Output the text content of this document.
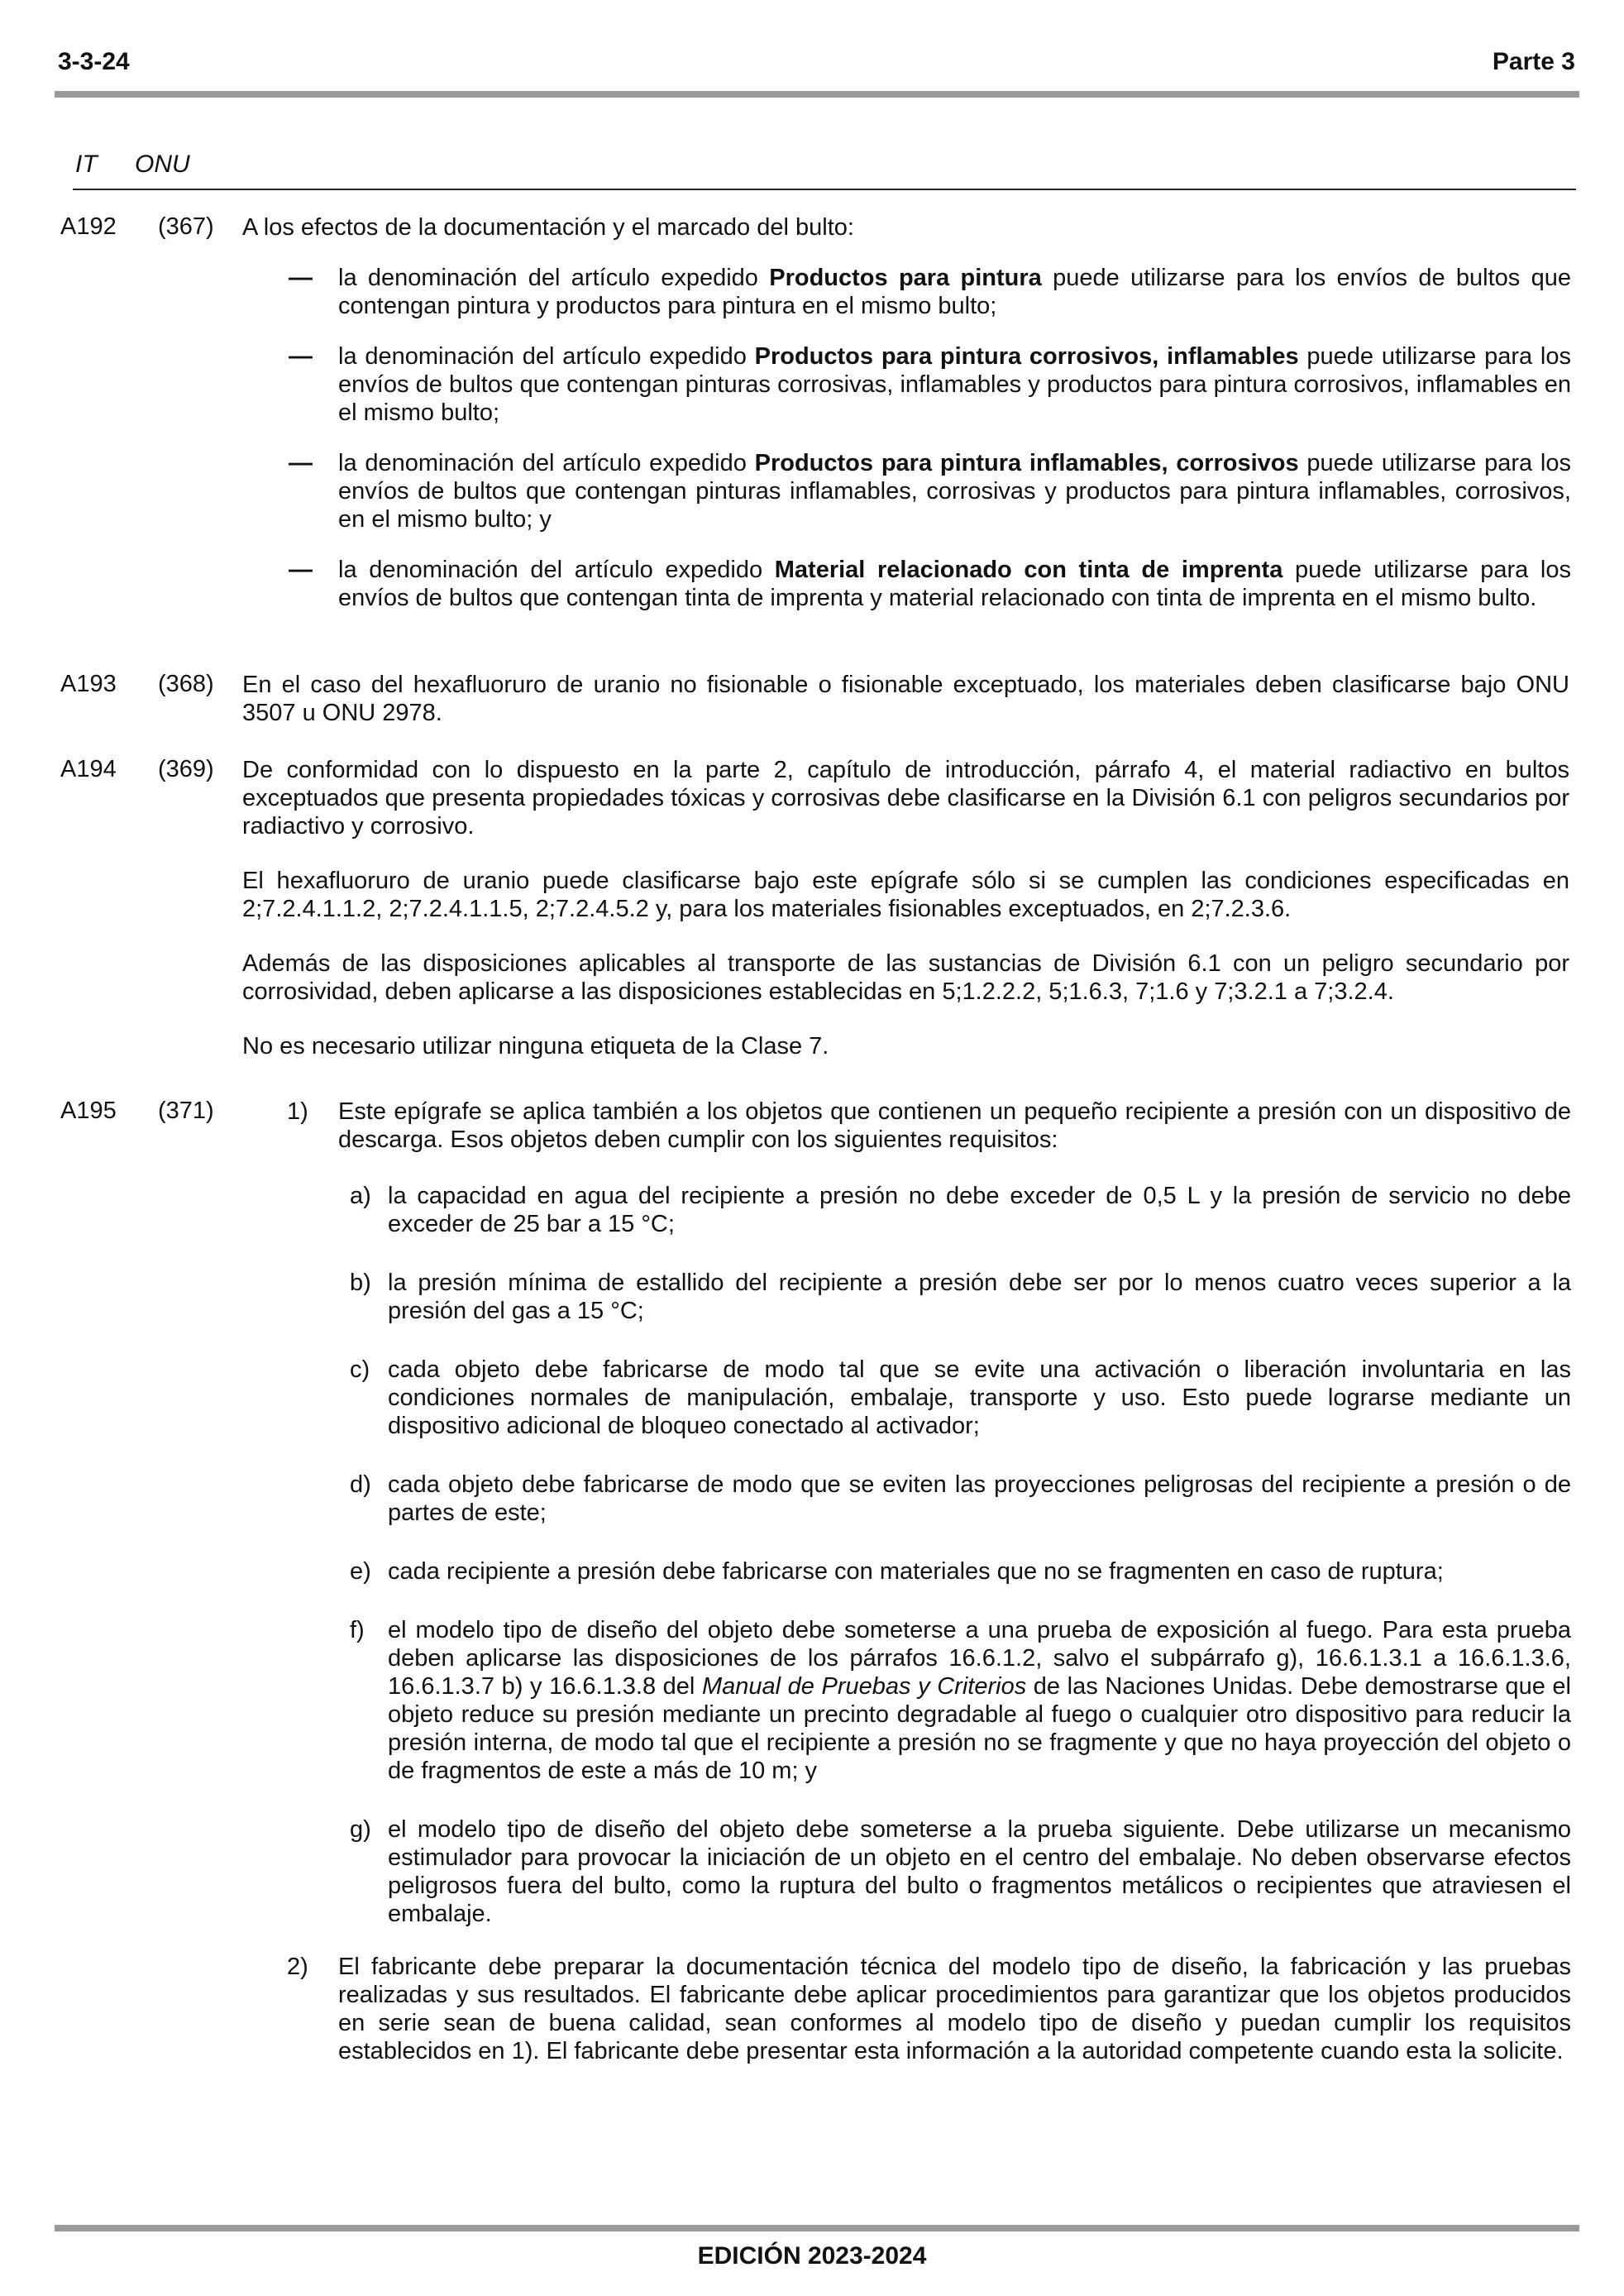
3-3-24	Parte 3
IT ONU
A192 (367) A los efectos de la documentación y el marcado del bulto:
— la denominación del artículo expedido Productos para pintura puede utilizarse para los envíos de bultos que contengan pintura y productos para pintura en el mismo bulto;
— la denominación del artículo expedido Productos para pintura corrosivos, inflamables puede utilizarse para los envíos de bultos que contengan pinturas corrosivas, inflamables y productos para pintura corrosivos, inflamables en el mismo bulto;
— la denominación del artículo expedido Productos para pintura inflamables, corrosivos puede utilizarse para los envíos de bultos que contengan pinturas inflamables, corrosivas y productos para pintura inflamables, corrosivos, en el mismo bulto; y
— la denominación del artículo expedido Material relacionado con tinta de imprenta puede utilizarse para los envíos de bultos que contengan tinta de imprenta y material relacionado con tinta de imprenta en el mismo bulto.
A193 (368) En el caso del hexafluoruro de uranio no fisionable o fisionable exceptuado, los materiales deben clasificarse bajo ONU 3507 u ONU 2978.
A194 (369) De conformidad con lo dispuesto en la parte 2, capítulo de introducción, párrafo 4, el material radiactivo en bultos exceptuados que presenta propiedades tóxicas y corrosivas debe clasificarse en la División 6.1 con peligros secundarios por radiactivo y corrosivo.
El hexafluoruro de uranio puede clasificarse bajo este epígrafe sólo si se cumplen las condiciones especificadas en 2;7.2.4.1.1.2, 2;7.2.4.1.1.5, 2;7.2.4.5.2 y, para los materiales fisionables exceptuados, en 2;7.2.3.6.
Además de las disposiciones aplicables al transporte de las sustancias de División 6.1 con un peligro secundario por corrosividad, deben aplicarse a las disposiciones establecidas en 5;1.2.2.2, 5;1.6.3, 7;1.6 y 7;3.2.1 a 7;3.2.4.
No es necesario utilizar ninguna etiqueta de la Clase 7.
A195 (371)	1) Este epígrafe se aplica también a los objetos que contienen un pequeño recipiente a presión con un dispositivo de descarga. Esos objetos deben cumplir con los siguientes requisitos:
a) la capacidad en agua del recipiente a presión no debe exceder de 0,5 L y la presión de servicio no debe exceder de 25 bar a 15 °C;
b) la presión mínima de estallido del recipiente a presión debe ser por lo menos cuatro veces superior a la presión del gas a 15 °C;
c) cada objeto debe fabricarse de modo tal que se evite una activación o liberación involuntaria en las condiciones normales de manipulación, embalaje, transporte y uso. Esto puede lograrse mediante un dispositivo adicional de bloqueo conectado al activador;
d) cada objeto debe fabricarse de modo que se eviten las proyecciones peligrosas del recipiente a presión o de partes de este;
e) cada recipiente a presión debe fabricarse con materiales que no se fragmenten en caso de ruptura;
f) el modelo tipo de diseño del objeto debe someterse a una prueba de exposición al fuego. Para esta prueba deben aplicarse las disposiciones de los párrafos 16.6.1.2, salvo el subpárrafo g), 16.6.1.3.1 a 16.6.1.3.6, 16.6.1.3.7 b) y 16.6.1.3.8 del Manual de Pruebas y Criterios de las Naciones Unidas. Debe demostrarse que el objeto reduce su presión mediante un precinto degradable al fuego o cualquier otro dispositivo para reducir la presión interna, de modo tal que el recipiente a presión no se fragmente y que no haya proyección del objeto o de fragmentos de este a más de 10 m; y
g) el modelo tipo de diseño del objeto debe someterse a la prueba siguiente. Debe utilizarse un mecanismo estimulador para provocar la iniciación de un objeto en el centro del embalaje. No deben observarse efectos peligrosos fuera del bulto, como la ruptura del bulto o fragmentos metálicos o recipientes que atraviesen el embalaje.
2) El fabricante debe preparar la documentación técnica del modelo tipo de diseño, la fabricación y las pruebas realizadas y sus resultados. El fabricante debe aplicar procedimientos para garantizar que los objetos producidos en serie sean de buena calidad, sean conformes al modelo tipo de diseño y puedan cumplir los requisitos establecidos en 1). El fabricante debe presentar esta información a la autoridad competente cuando esta la solicite.
EDICIÓN 2023-2024
